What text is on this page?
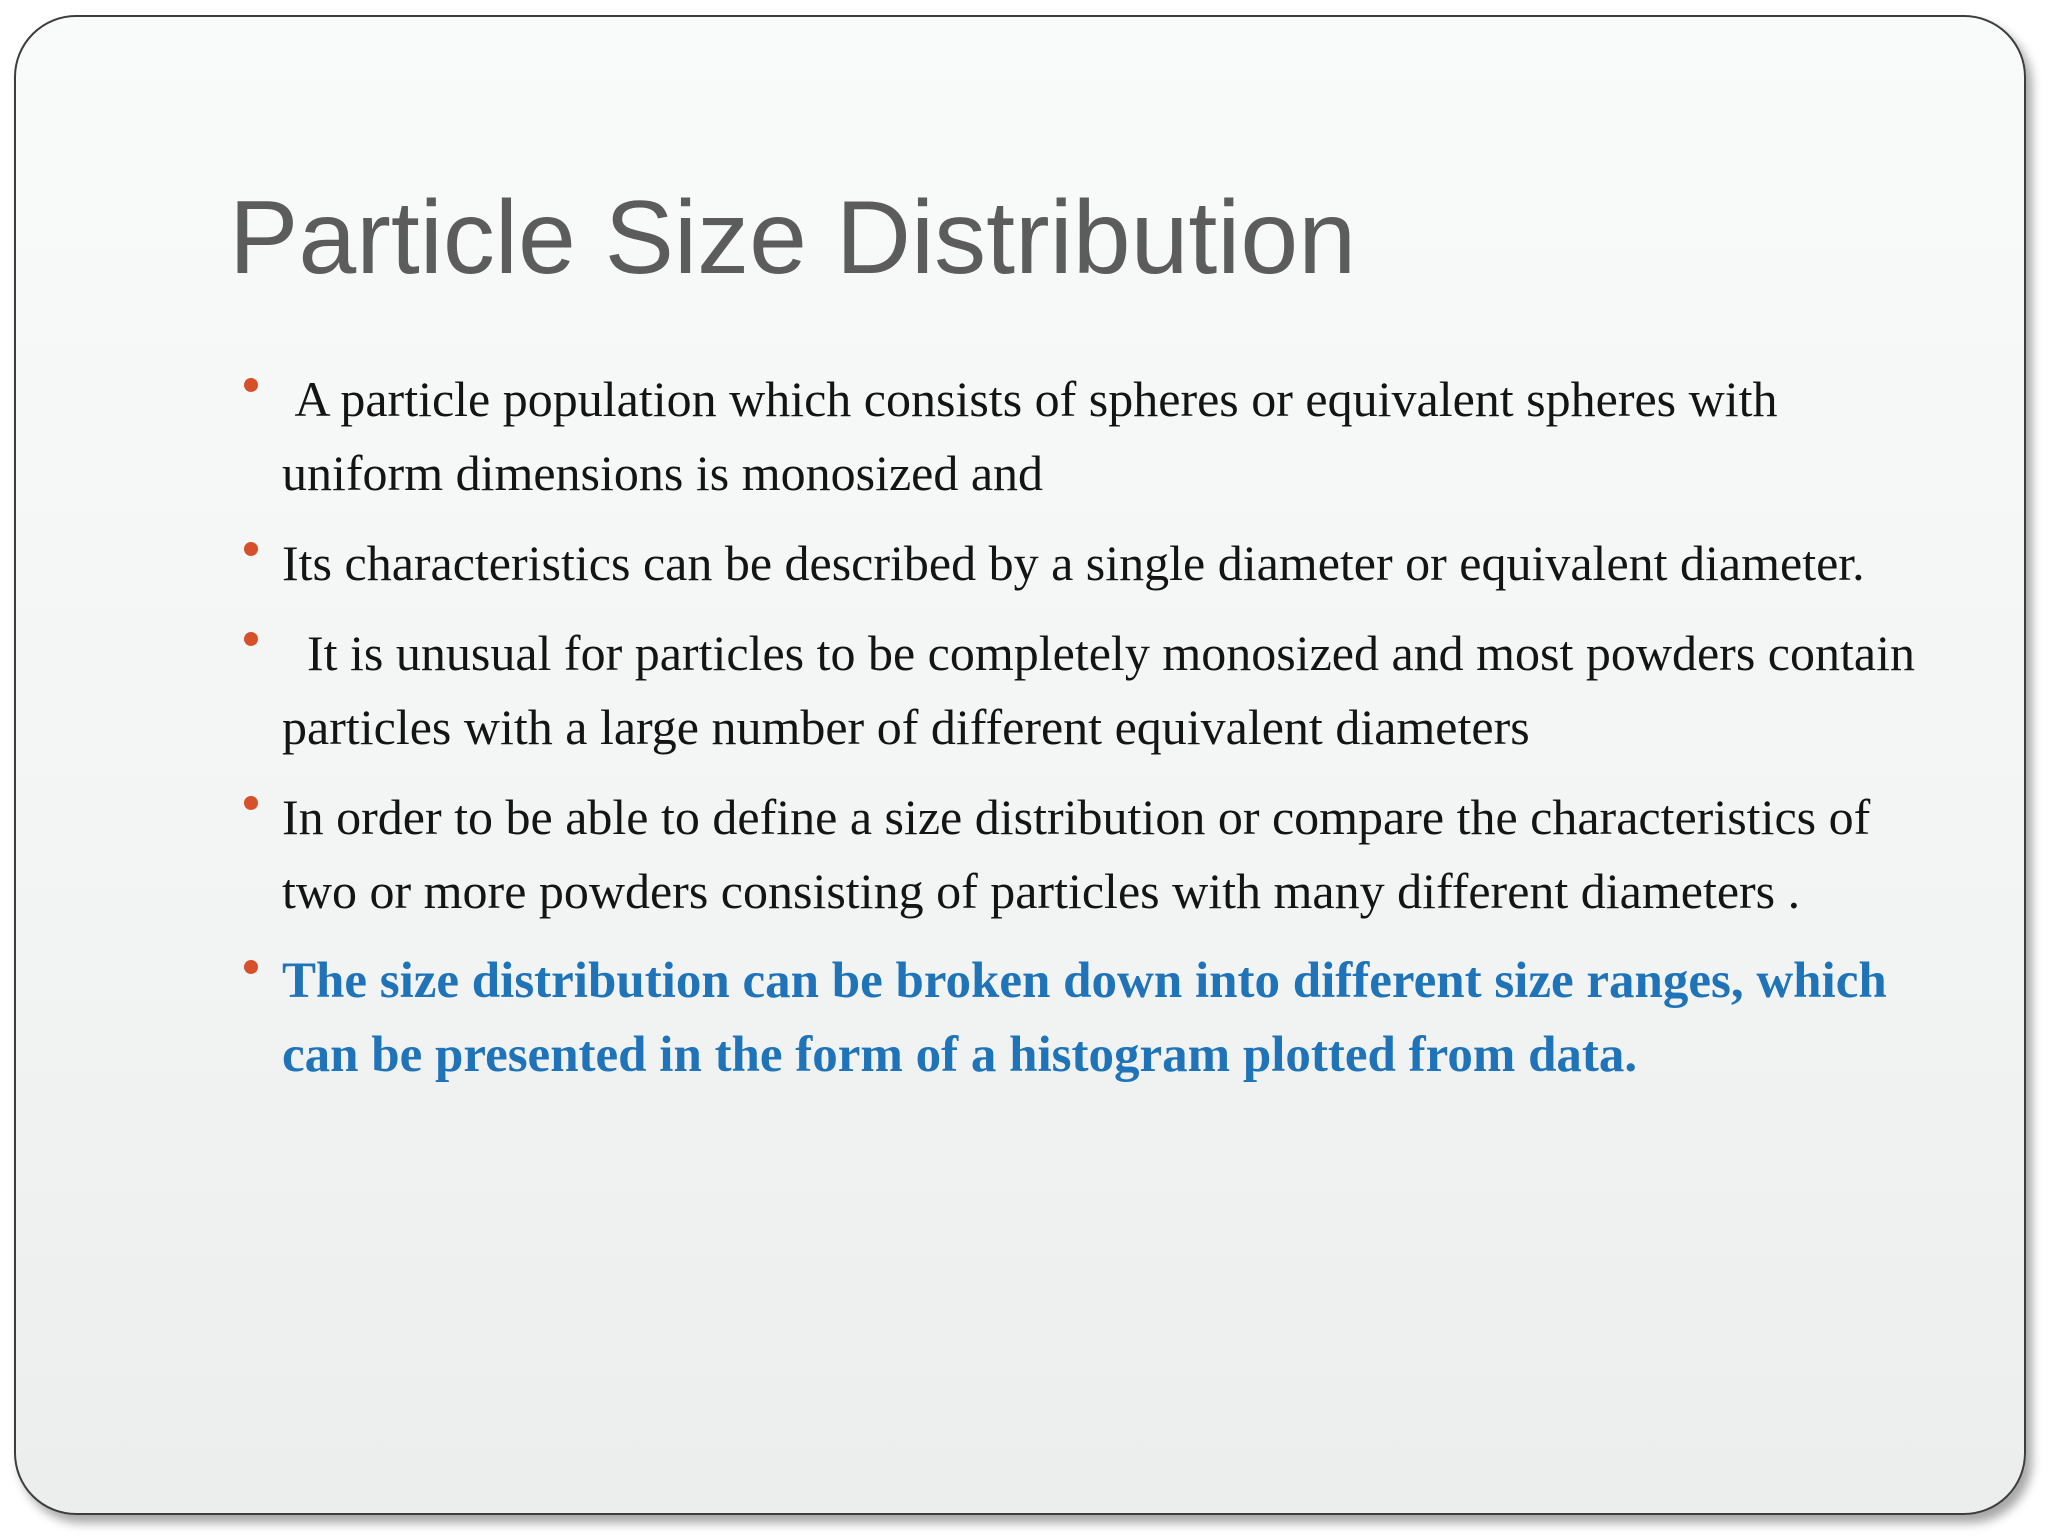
Particle Size Distribution
A particle population which consists of spheres or equivalent spheres with uniform dimensions is monosized and
Its characteristics can be described by a single diameter or equivalent diameter.
It is unusual for particles to be completely monosized and most powders contain particles with a large number of different equivalent diameters
In order to be able to define a size distribution or compare the characteristics of two or more powders consisting of particles with many different diameters .
The size distribution can be broken down into different size ranges, which can be presented in the form of a histogram plotted from data.
